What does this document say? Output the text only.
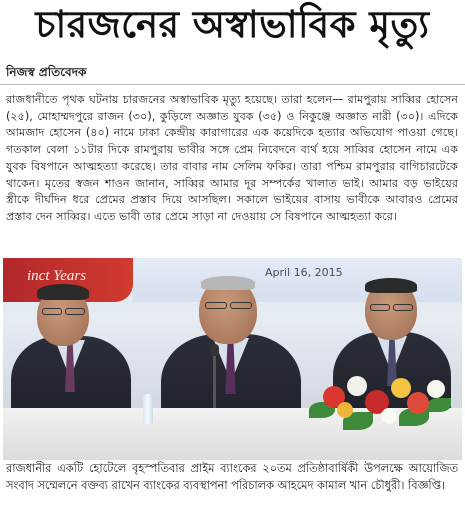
চারজনের অস্বাভাবিক মৃত্যু
নিজস্ব প্রতিবেদক
রাজধানীতে পৃথক ঘটনায় চারজনের অস্বাভাবিক মৃত্যু হয়েছে। তারা হলেন— রামপুরায় সাব্বির হোসেন (২৫), মোহাম্মদপুরে রাজন (৩০), কুড়িলে অজ্ঞাত যুবক (৩৫) ও নিকুঞ্জে অজ্ঞাত নারী (৩০)। এদিকে আমজাদ হোসেন (৪০) নামে ঢাকা কেন্দ্রীয় কারাগারের এক কয়েদিকে হত্যার অভিযোগ পাওয়া গেছে। গতকাল বেলা ১১টার দিকে রামপুরায় ভাবীর সঙ্গে প্রেম নিবেদনে ব্যর্থ হয়ে সাব্বির হোসেন নামে এক যুবক বিষপানে আত্মহত্যা করেছে। তার বাবার নাম সেলিম ফকির। তারা পশ্চিম রামপুরার বাগিচারটেকে থাকেন। মৃতের স্বজন শাওন জানান, সাব্বির আমার দূর সম্পর্কের খালাত ভাই। আমার বড় ভাইয়ের স্ত্রীকে দীর্ঘদিন ধরে প্রেমের প্রস্তাব দিয়ে আসছিল। সকালে ভাইয়ের বাসায় ভাবীকে আবারও প্রেমের প্রস্তাব দেন সাব্বির। এতে ভাবী তার প্রেমে সাড়া না দেওয়ায় সে বিষপানে আত্মহত্যা করে।
inct Years	April 16, 2015
রাজধানীর একটি হোটেলে বৃহস্পতিবার প্রাইম ব্যাংকের ২০তম প্রতিষ্ঠাবার্ষিকী উপলক্ষে আয়োজিত সংবাদ সম্মেলনে বক্তব্য রাখেন ব্যাংকের ব্যবস্থাপনা পরিচালক আহমেদ কামাল খান চৌধুরী। বিজ্ঞপ্তি।
